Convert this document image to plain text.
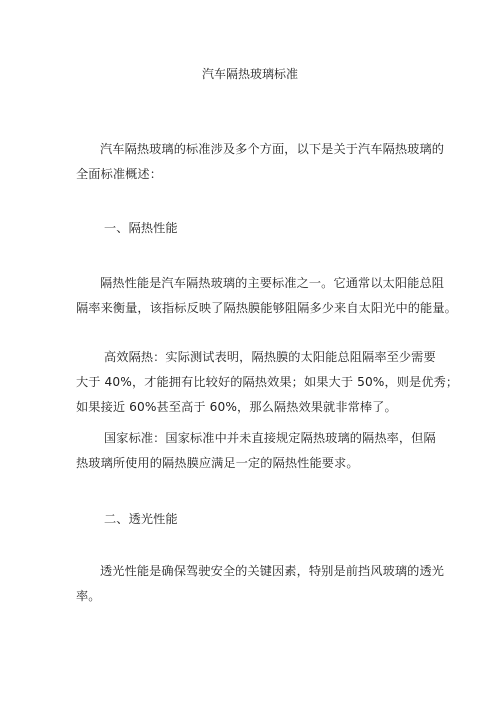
汽车隔热玻璃标准
汽车隔热玻璃的标准涉及多个方面，以下是关于汽车隔热玻璃的
全面标准概述：
一、隔热性能
隔热性能是汽车隔热玻璃的主要标准之一。它通常以太阳能总阻
隔率来衡量，该指标反映了隔热膜能够阻隔多少来自太阳光中的能量。
高效隔热：实际测试表明，隔热膜的太阳能总阻隔率至少需要
大于 40%，才能拥有比较好的隔热效果；如果大于 50%，则是优秀；
如果接近 60%甚至高于 60%，那么隔热效果就非常棒了。
国家标准：国家标准中并未直接规定隔热玻璃的隔热率，但隔
热玻璃所使用的隔热膜应满足一定的隔热性能要求。
二、透光性能
透光性能是确保驾驶安全的关键因素，特别是前挡风玻璃的透光
率。
